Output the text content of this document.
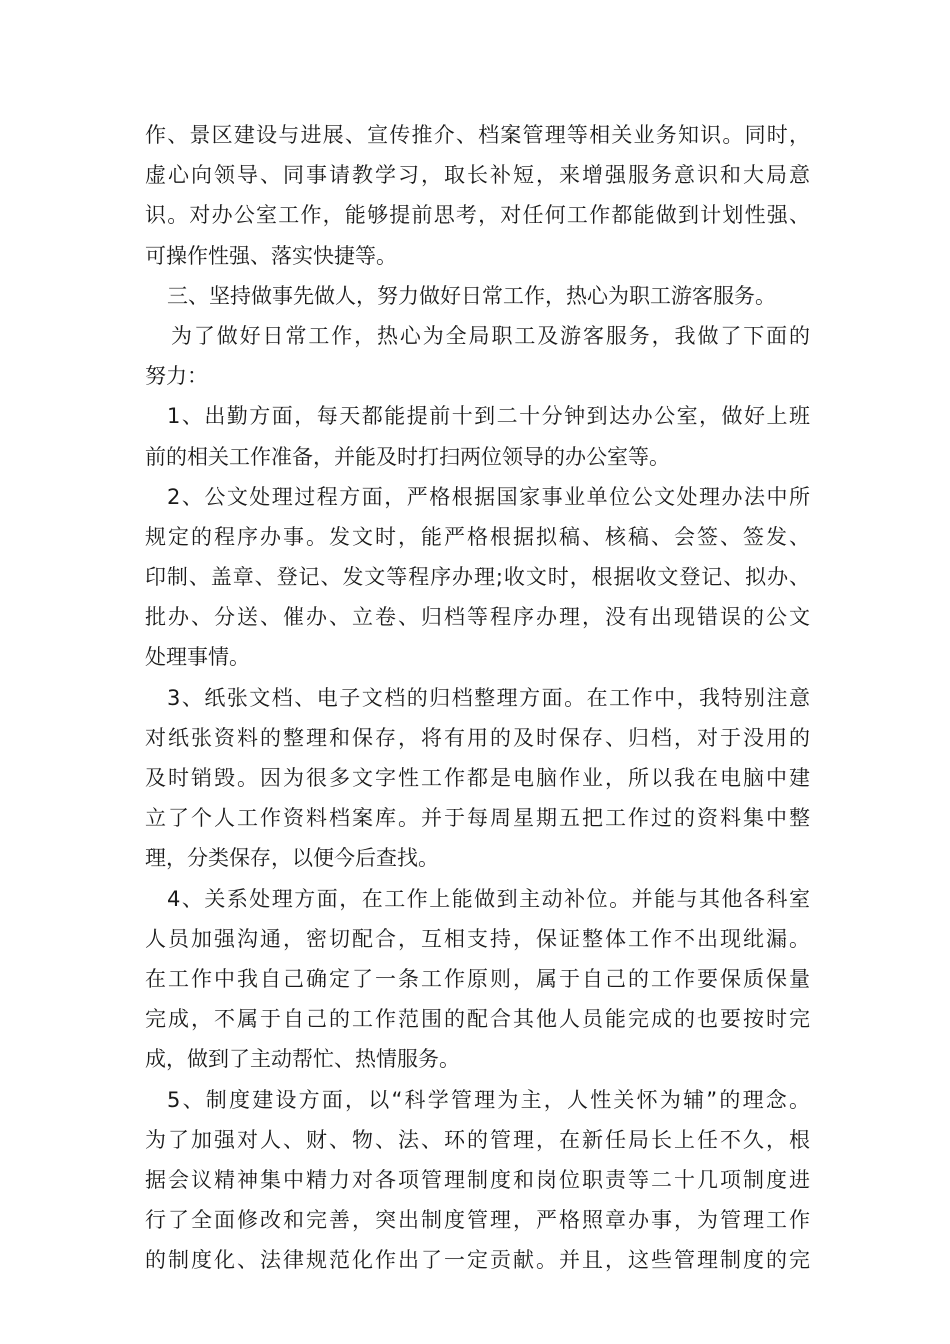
作、景区建设与进展、宣传推介、档案管理等相关业务知识。同时，
虚心向领导、同事请教学习，取长补短，来增强服务意识和大局意
识。对办公室工作，能够提前思考，对任何工作都能做到计划性强、
可操作性强、落实快捷等。
三、坚持做事先做人，努力做好日常工作，热心为职工游客服务。
为了做好日常工作，热心为全局职工及游客服务，我做了下面的
努力：
1、出勤方面，每天都能提前十到二十分钟到达办公室，做好上班
前的相关工作准备，并能及时打扫两位领导的办公室等。
2、公文处理过程方面，严格根据国家事业单位公文处理办法中所
规定的程序办事。发文时，能严格根据拟稿、核稿、会签、签发、
印制、盖章、登记、发文等程序办理;收文时，根据收文登记、拟办、
批办、分送、催办、立卷、归档等程序办理，没有出现错误的公文
处理事情。
3、纸张文档、电子文档的归档整理方面。在工作中，我特别注意
对纸张资料的整理和保存，将有用的及时保存、归档，对于没用的
及时销毁。因为很多文字性工作都是电脑作业，所以我在电脑中建
立了个人工作资料档案库。并于每周星期五把工作过的资料集中整
理，分类保存，以便今后查找。
4、关系处理方面，在工作上能做到主动补位。并能与其他各科室
人员加强沟通，密切配合，互相支持，保证整体工作不出现纰漏。
在工作中我自己确定了一条工作原则，属于自己的工作要保质保量
完成，不属于自己的工作范围的配合其他人员能完成的也要按时完
成，做到了主动帮忙、热情服务。
5、制度建设方面，以“科学管理为主，人性关怀为辅”的理念。
为了加强对人、财、物、法、环的管理，在新任局长上任不久，根
据会议精神集中精力对各项管理制度和岗位职责等二十几项制度进
行了全面修改和完善，突出制度管理，严格照章办事，为管理工作
的制度化、法律规范化作出了一定贡献。并且，这些管理制度的完
